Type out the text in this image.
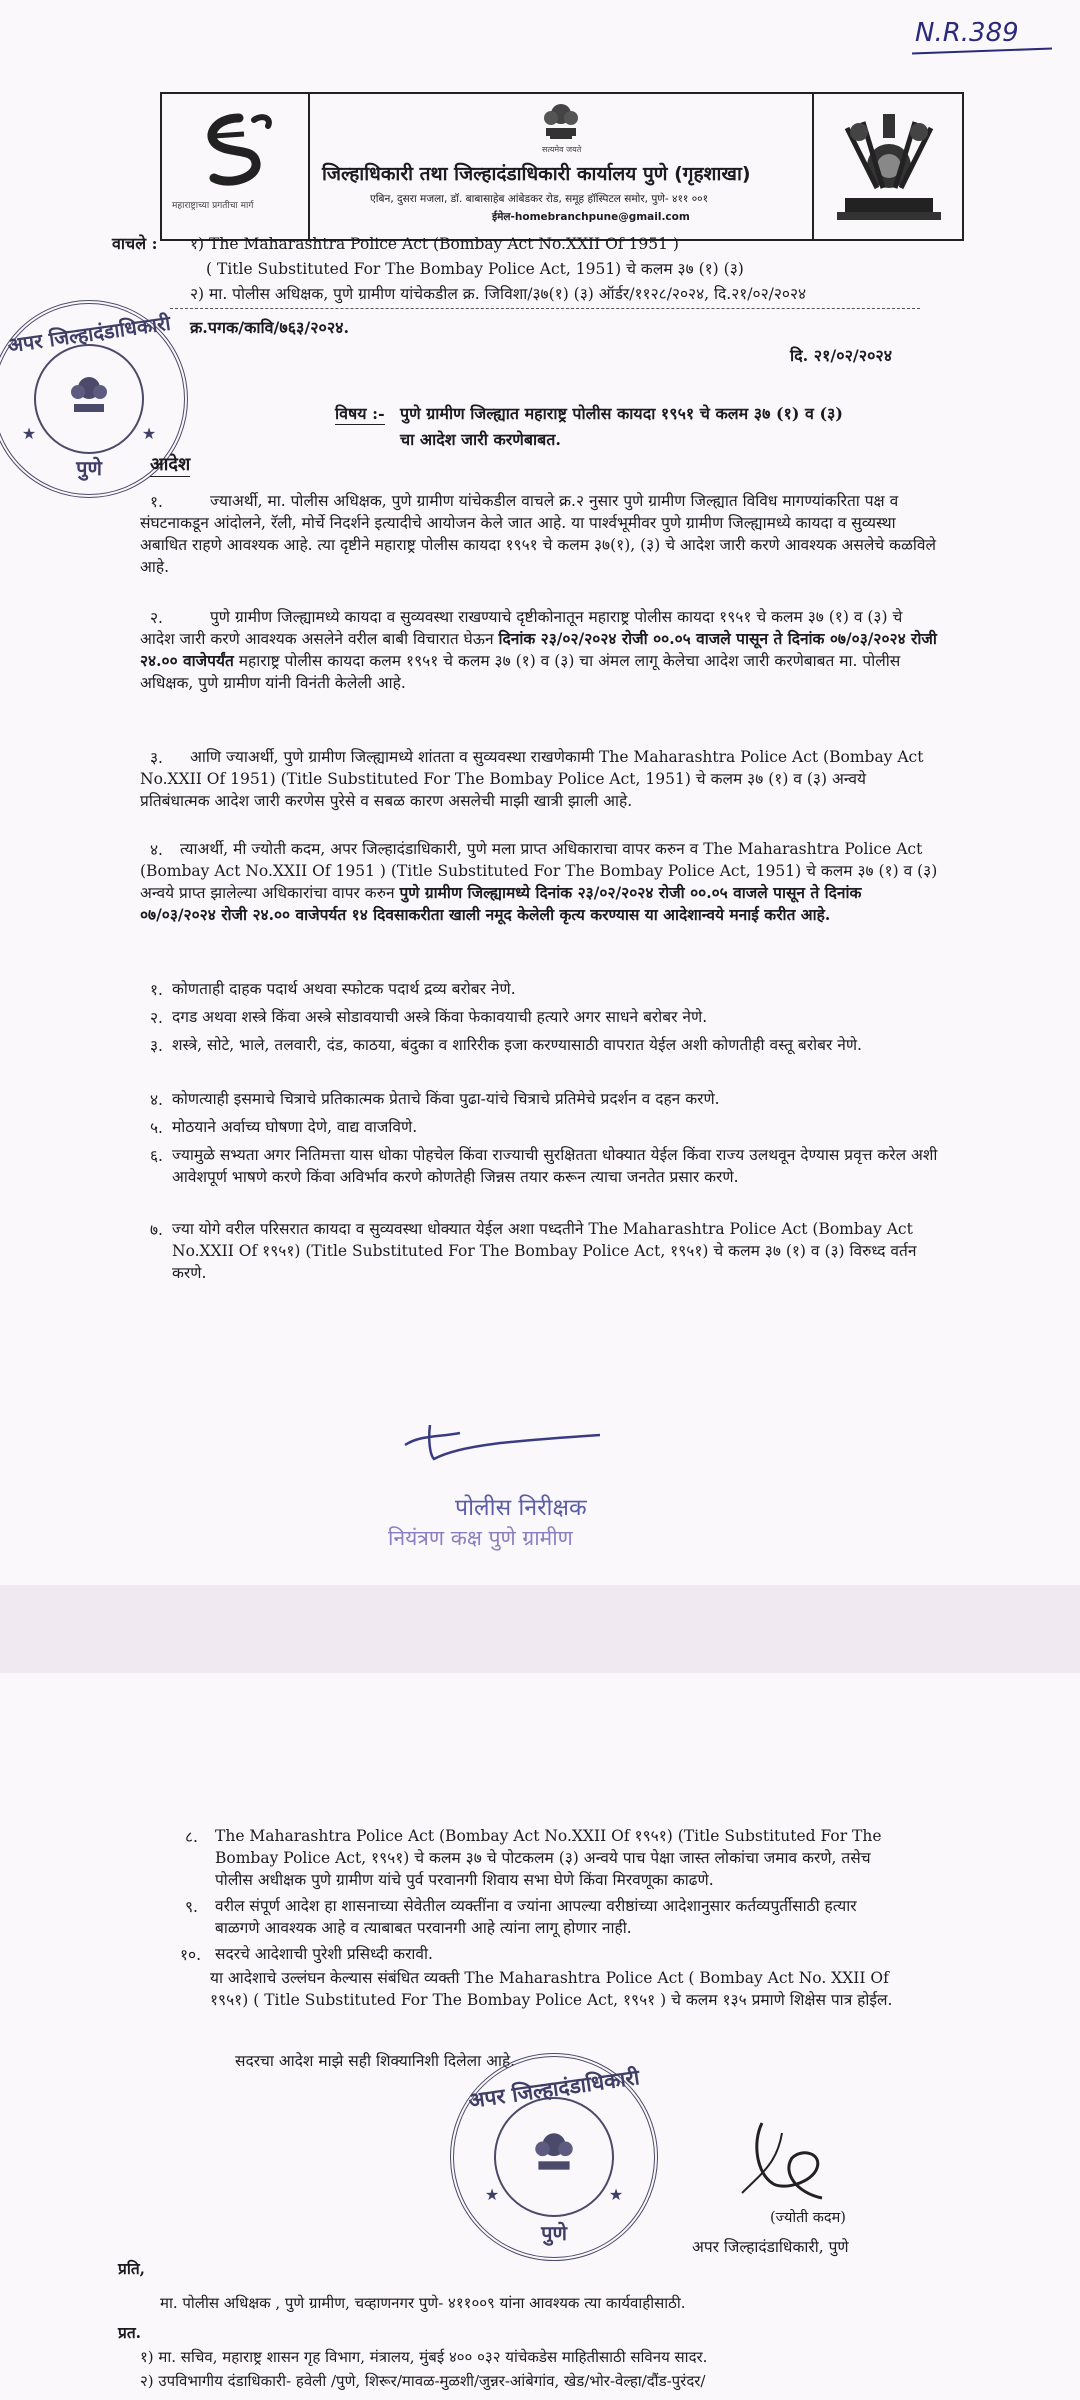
N.R.389
महाराष्ट्राच्या प्रगतीचा मार्ग
सत्यमेव जयते
जिल्हाधिकारी तथा जिल्हादंडाधिकारी कार्यालय पुणे (गृहशाखा)
एबिन, दुसरा मजला, डॉ. बाबासाहेब आंबेडकर रोड, समूह हॉस्पिटल समोर, पुणे- ४११ ००१
ईमेल-homebranchpune@gmail.com
वाचले : १) The Maharashtra Police Act (Bombay Act No.XXII Of 1951 )
( Title Substituted For The Bombay Police Act, 1951) चे कलम ३७ (१) (३)
२) मा. पोलीस अधिक्षक, पुणे ग्रामीण यांचेकडील क्र. जिविशा/३७(१) (३) ऑर्डर/११२८/२०२४, दि.२१/०२/२०२४
क्र.पगक/कावि/७६३/२०२४.
दि. २१/०२/२०२४
अपर जिल्हादंडाधिकारी
★	★
पुणे
विषय :- पुणे ग्रामीण जिल्ह्यात महाराष्ट्र पोलीस कायदा १९५१ चे कलम ३७ (१) व (३)
चा आदेश जारी करणेबाबत.
आदेश
१.	ज्याअर्थी, मा. पोलीस अधिक्षक, पुणे ग्रामीण यांचेकडील वाचले क्र.२ नुसार पुणे ग्रामीण जिल्ह्यात विविध मागण्यांकरिता पक्ष व संघटनाकडून आंदोलने, रॅली, मोर्चे निदर्शने इत्यादीचे आयोजन केले जात आहे. या पार्श्वभूमीवर पुणे ग्रामीण जिल्ह्यामध्ये कायदा व सुव्यस्था अबाधित राहणे आवश्यक आहे. त्या दृष्टीने महाराष्ट्र पोलीस कायदा १९५१ चे कलम ३७(१), (३) चे आदेश जारी करणे आवश्यक असलेचे कळविले आहे.
२.	पुणे ग्रामीण जिल्ह्यामध्ये कायदा व सुव्यवस्था राखण्याचे दृष्टीकोनातून महाराष्ट्र पोलीस कायदा १९५१ चे कलम ३७ (१) व (३) चे आदेश जारी करणे आवश्यक असलेने वरील बाबी विचारात घेऊन दिनांक २३/०२/२०२४ रोजी ००.०५ वाजले पासून ते दिनांक ०७/०३/२०२४ रोजी २४.०० वाजेपर्यंत महाराष्ट्र पोलीस कायदा कलम १९५१ चे कलम ३७ (१) व (३) चा अंमल लागू केलेचा आदेश जारी करणेबाबत मा. पोलीस अधिक्षक, पुणे ग्रामीण यांनी विनंती केलेली आहे.
३.	आणि ज्याअर्थी, पुणे ग्रामीण जिल्ह्यामध्ये शांतता व सुव्यवस्था राखणेकामी The Maharashtra Police Act (Bombay Act No.XXII Of 1951) (Title Substituted For The Bombay Police Act, 1951) चे कलम ३७ (१) व (३) अन्वये प्रतिबंधात्मक आदेश जारी करणेस पुरेसे व सबळ कारण असलेची माझी खात्री झाली आहे.
४.	त्याअर्थी, मी ज्योती कदम, अपर जिल्हादंडाधिकारी, पुणे मला प्राप्त अधिकाराचा वापर करुन व The Maharashtra Police Act (Bombay Act No.XXII Of 1951 ) (Title Substituted For The Bombay Police Act, 1951) चे कलम ३७ (१) व (३) अन्वये प्राप्त झालेल्या अधिकारांचा वापर करुन पुणे ग्रामीण जिल्ह्यामध्ये दिनांक २३/०२/२०२४ रोजी ००.०५ वाजले पासून ते दिनांक ०७/०३/२०२४ रोजी २४.०० वाजेपर्यत १४ दिवसाकरीता खाली नमूद केलेली कृत्य करण्यास या आदेशान्वये मनाई करीत आहे.
१. कोणताही दाहक पदार्थ अथवा स्फोटक पदार्थ द्रव्य बरोबर नेणे.
२. दगड अथवा शस्त्रे किंवा अस्त्रे सोडावयाची अस्त्रे किंवा फेकावयाची हत्यारे अगर साधने बरोबर नेणे.
३. शस्त्रे, सोटे, भाले, तलवारी, दंड, काठया, बंदुका व शारिरीक इजा करण्यासाठी वापरात येईल अशी कोणतीही वस्तू बरोबर नेणे.
४. कोणत्याही इसमाचे चित्राचे प्रतिकात्मक प्रेताचे किंवा पुढा-यांचे चित्राचे प्रतिमेचे प्रदर्शन व दहन करणे.
५. मोठयाने अर्वाच्य घोषणा देणे, वाद्य वाजविणे.
६. ज्यामुळे सभ्यता अगर नितिमत्ता यास धोका पोहचेल किंवा राज्याची सुरक्षितता धोक्यात येईल किंवा राज्य उलथवून देण्यास प्रवृत्त करेल अशी आवेशपूर्ण भाषणे करणे किंवा अविर्भाव करणे कोणतेही जिन्नस तयार करून त्याचा जनतेत प्रसार करणे.
७. ज्या योगे वरील परिसरात कायदा व सुव्यवस्था धोक्यात येईल अशा पध्दतीने The Maharashtra Police Act (Bombay Act No.XXII Of १९५१) (Title Substituted For The Bombay Police Act, १९५१) चे कलम ३७ (१) व (३) विरुध्द वर्तन करणे.
पोलीस निरीक्षक
नियंत्रण कक्ष पुणे ग्रामीण
८. The Maharashtra Police Act (Bombay Act No.XXII Of १९५१) (Title Substituted For The Bombay Police Act, १९५१) चे कलम ३७ चे पोटकलम (३) अन्वये पाच पेक्षा जास्त लोकांचा जमाव करणे, तसेच पोलीस अधीक्षक पुणे ग्रामीण यांचे पुर्व परवानगी शिवाय सभा घेणे किंवा मिरवणूका काढणे.
९. वरील संपूर्ण आदेश हा शासनाच्या सेवेतील व्यक्तींना व ज्यांना आपल्या वरीष्ठांच्या आदेशानुसार कर्तव्यपुर्तीसाठी हत्यार बाळगणे आवश्यक आहे व त्याबाबत परवानगी आहे त्यांना लागू होणार नाही.
१०. सदरचे आदेशाची पुरेशी प्रसिध्दी करावी.
या आदेशाचे उल्लंघन केल्यास संबंधित व्यक्ती The Maharashtra Police Act ( Bombay Act No. XXII Of १९५१) ( Title Substituted For The Bombay Police Act, १९५१ ) चे कलम १३५ प्रमाणे शिक्षेस पात्र होईल.
सदरचा आदेश माझे सही शिक्यानिशी दिलेला आहे.
अपर जिल्हादंडाधिकारी
★	★
पुणे
(ज्योती कदम)
अपर जिल्हादंडाधिकारी, पुणे
प्रति,
मा. पोलीस अधिक्षक , पुणे ग्रामीण, चव्हाणनगर पुणे- ४११००९ यांना आवश्यक त्या कार्यवाहीसाठी.
प्रत.
१) मा. सचिव, महाराष्ट्र शासन गृह विभाग, मंत्रालय, मुंबई ४०० ०३२ यांचेकडेस माहितीसाठी सविनय सादर.
२) उपविभागीय दंडाधिकारी- हवेली /पुणे, शिरूर/मावळ-मुळशी/जुन्नर-आंबेगांव, खेड/भोर-वेल्हा/दौंड-पुरंदर/
